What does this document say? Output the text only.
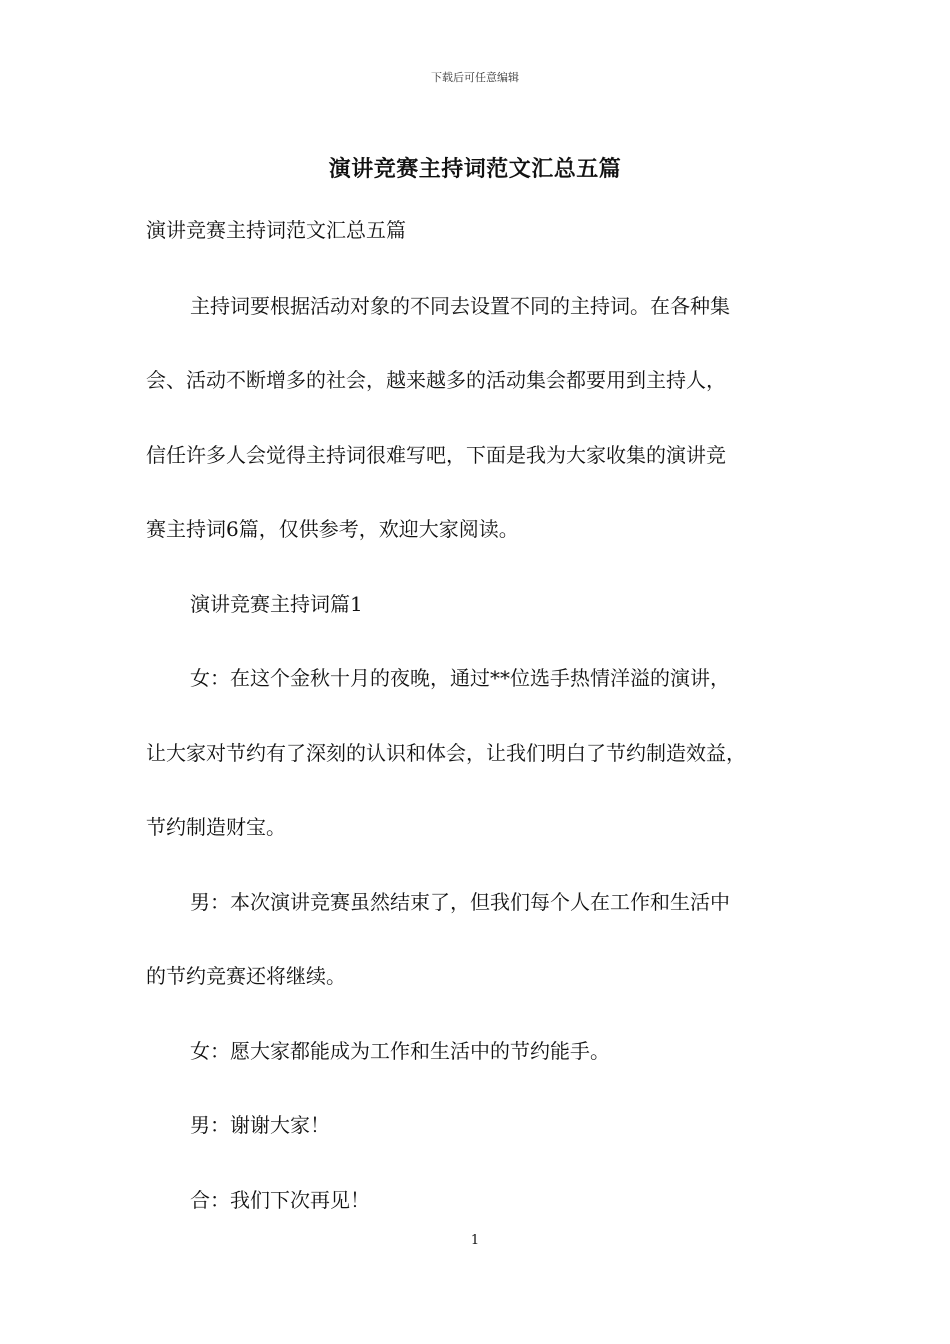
下载后可任意编辑
演讲竞赛主持词范文汇总五篇
演讲竞赛主持词范文汇总五篇
主持词要根据活动对象的不同去设置不同的主持词。在各种集
会、活动不断增多的社会，越来越多的活动集会都要用到主持人，
信任许多人会觉得主持词很难写吧，下面是我为大家收集的演讲竞
赛主持词6篇，仅供参考，欢迎大家阅读。
演讲竞赛主持词篇1
女：在这个金秋十月的夜晚，通过**位选手热情洋溢的演讲，
让大家对节约有了深刻的认识和体会，让我们明白了节约制造效益，
节约制造财宝。
男：本次演讲竞赛虽然结束了，但我们每个人在工作和生活中
的节约竞赛还将继续。
女：愿大家都能成为工作和生活中的节约能手。
男：谢谢大家！
合：我们下次再见！
1
